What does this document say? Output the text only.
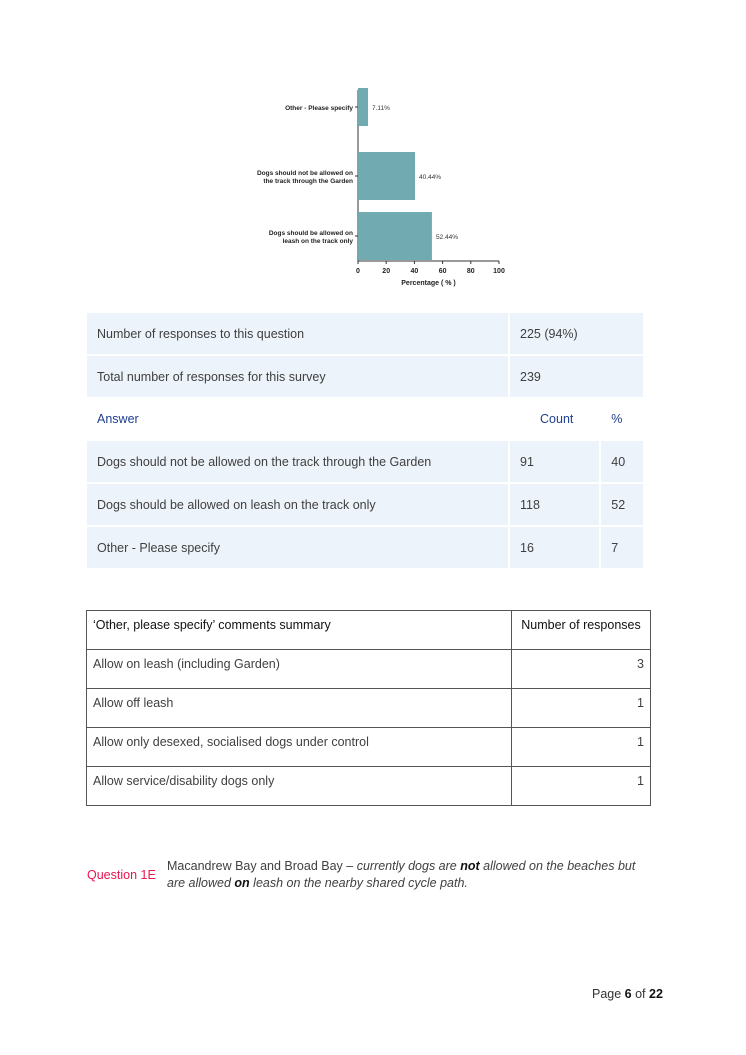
7.11%
Other - Please specify
40.44%
Dogs should not be allowed on
the track through the Garden
52.44%
Dogs should be allowed on
leash on the track only
0	20	40	60	80	100
Percentage ( % )
Number of responses to this question		225 (94%)		
Total number of responses for this survey		239		
Answer		Count		%
Dogs should not be allowed on the track through the Garden		91		40
Dogs should be allowed on leash on the track only		118		52
Other - Please specify		16		7
‘Other, please specify’ comments summary	Number of responses
Allow on leash (including Garden)	3
Allow off leash	1
Allow only desexed, socialised dogs under control	1
Allow service/disability dogs only	1
Question 1E
Macandrew Bay and Broad Bay – currently dogs are not allowed on the beaches but are allowed on leash on the nearby shared cycle path.
Page 6 of 22
